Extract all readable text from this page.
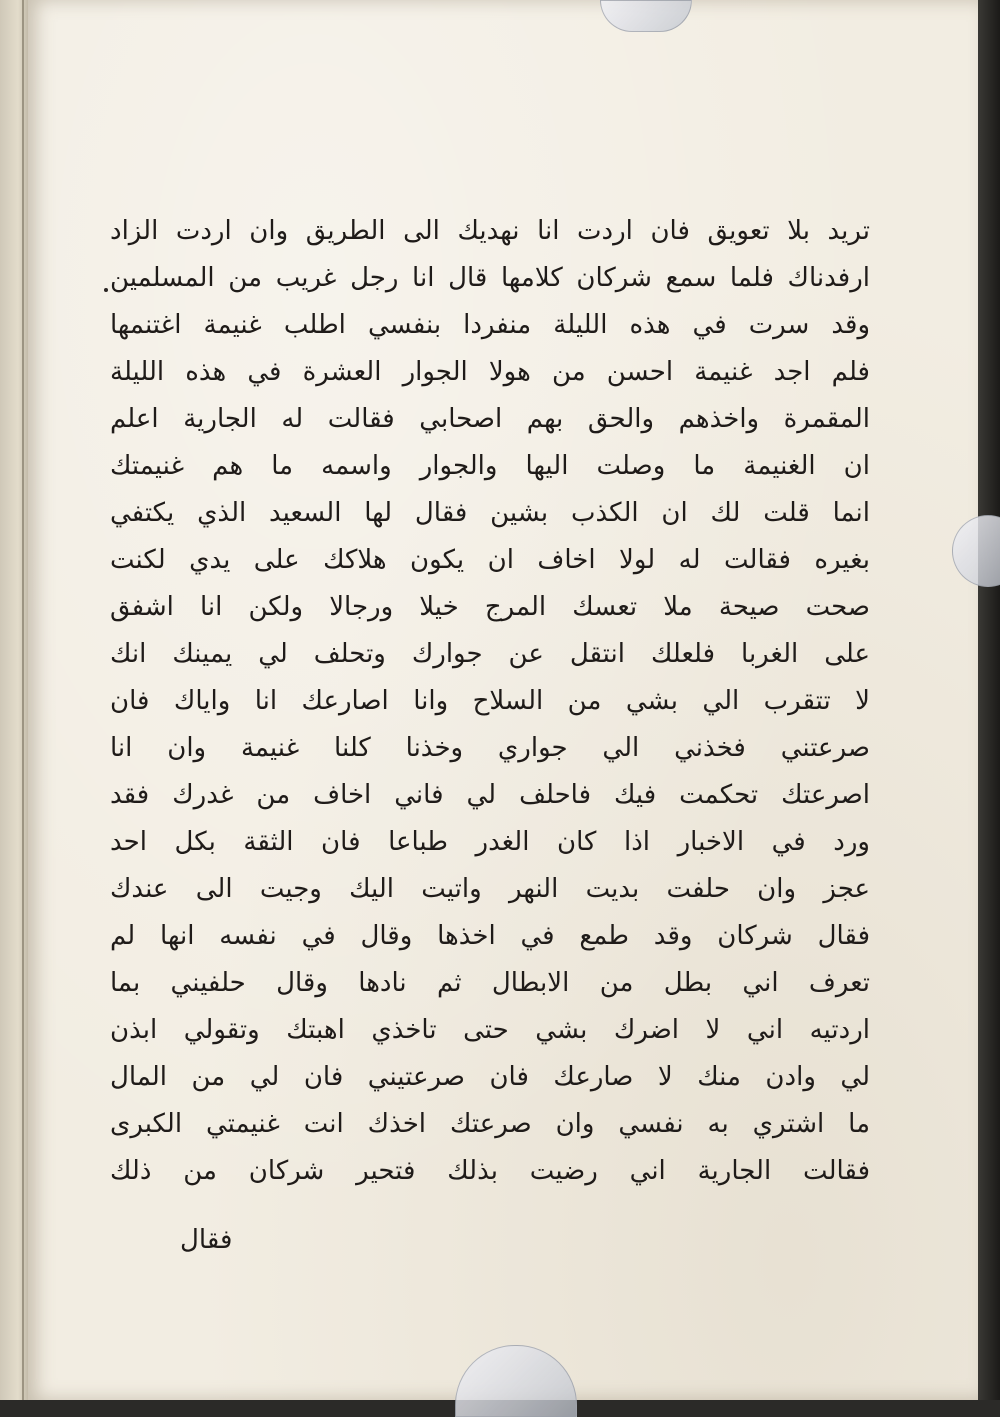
تريد بلا تعويق فان اردت انا نهديك الى الطريق وان اردت الزاد
ارفدناك فلما سمع شركان كلامها قال انا رجل غريب من المسلمين
وقد سرت في هذه الليلة منفردا بنفسي اطلب غنيمة اغتنمها
فلم اجد غنيمة احسن من هولا الجوار العشرة في هذه الليلة
المقمرة واخذهم والحق بهم اصحابي فقالت له الجارية اعلم
ان الغنيمة ما وصلت اليها والجوار واسمه ما هم غنيمتك
انما قلت لك ان الكذب بشين فقال لها السعيد الذي يكتفي
بغيره فقالت له لولا اخاف ان يكون هلاكك على يدي لكنت
صحت صيحة ملا تعسك المرج خيلا ورجالا ولكن انا اشفق
على الغربا فلعلك انتقل عن جوارك وتحلف لي يمينك انك
لا تتقرب الي بشي من السلاح وانا اصارعك انا واياك فان
صرعتني فخذني الي جواري وخذنا كلنا غنيمة وان انا
اصرعتك تحكمت فيك فاحلف لي فاني اخاف من غدرك فقد
ورد في الاخبار اذا كان الغدر طباعا فان الثقة بكل احد
عجز وان حلفت بديت النهر واتيت اليك وجيت الى عندك
فقال شركان وقد طمع في اخذها وقال في نفسه انها لم
تعرف اني بطل من الابطال ثم نادها وقال حلفيني بما
اردتيه اني لا اضرك بشي حتى تاخذي اهبتك وتقولي ابذن
لي وادن منك لا صارعك فان صرعتيني فان لي من المال
ما اشتري به نفسي وان صرعتك اخذك انت غنيمتي الكبرى
فقالت الجارية اني رضيت بذلك فتحير شركان من ذلك
فقال
